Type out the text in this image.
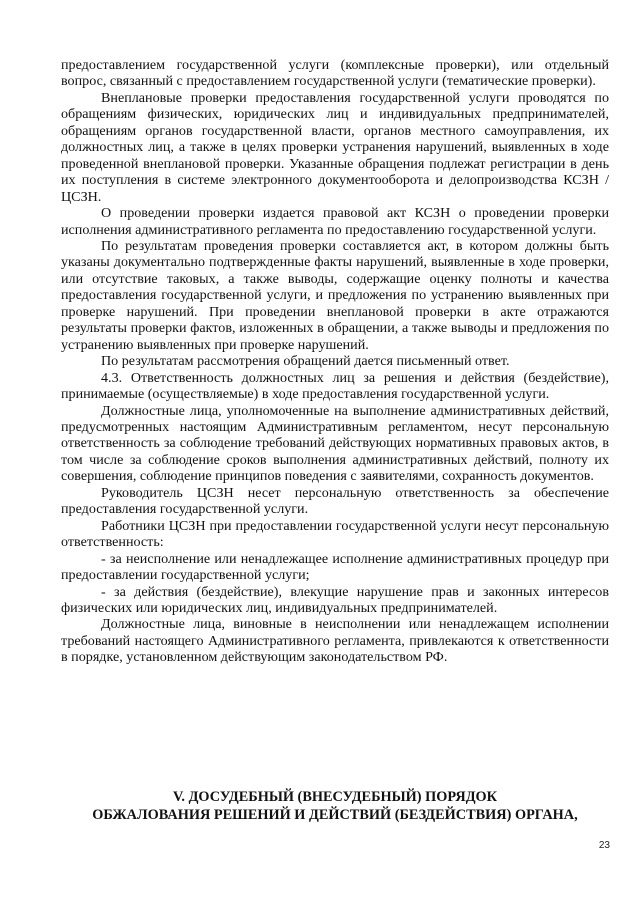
предоставлением государственной услуги (комплексные проверки), или отдельный вопрос, связанный с предоставлением государственной услуги (тематические проверки).

Внеплановые проверки предоставления государственной услуги проводятся по обращениям физических, юридических лиц и индивидуальных предпринимателей, обращениям органов государственной власти, органов местного самоуправления, их должностных лиц, а также в целях проверки устранения нарушений, выявленных в ходе проведенной внеплановой проверки. Указанные обращения подлежат регистрации в день их поступления в системе электронного документооборота и делопроизводства КСЗН /ЦСЗН.

О проведении проверки издается правовой акт КСЗН о проведении проверки исполнения административного регламента по предоставлению государственной услуги.

По результатам проведения проверки составляется акт, в котором должны быть указаны документально подтвержденные факты нарушений, выявленные в ходе проверки, или отсутствие таковых, а также выводы, содержащие оценку полноты и качества предоставления государственной услуги, и предложения по устранению выявленных при проверке нарушений. При проведении внеплановой проверки в акте отражаются результаты проверки фактов, изложенных в обращении, а также выводы и предложения по устранению выявленных при проверке нарушений.

По результатам рассмотрения обращений дается письменный ответ.

4.3. Ответственность должностных лиц за решения и действия (бездействие), принимаемые (осуществляемые) в ходе предоставления государственной услуги.

Должностные лица, уполномоченные на выполнение административных действий, предусмотренных настоящим Административным регламентом, несут персональную ответственность за соблюдение требований действующих нормативных правовых актов, в том числе за соблюдение сроков выполнения административных действий, полноту их совершения, соблюдение принципов поведения с заявителями, сохранность документов.

Руководитель ЦСЗН несет персональную ответственность за обеспечение предоставления государственной услуги.

Работники ЦСЗН при предоставлении государственной услуги несут персональную ответственность:

- за неисполнение или ненадлежащее исполнение административных процедур при предоставлении государственной услуги;

- за действия (бездействие), влекущие нарушение прав и законных интересов физических или юридических лиц, индивидуальных предпринимателей.

Должностные лица, виновные в неисполнении или ненадлежащем исполнении требований настоящего Административного регламента, привлекаются к ответственности в порядке, установленном действующим законодательством РФ.

V. ДОСУДЕБНЫЙ (ВНЕСУДЕБНЫЙ) ПОРЯДОК
ОБЖАЛОВАНИЯ РЕШЕНИЙ И ДЕЙСТВИЙ (БЕЗДЕЙСТВИЯ) ОРГАНА,
23
